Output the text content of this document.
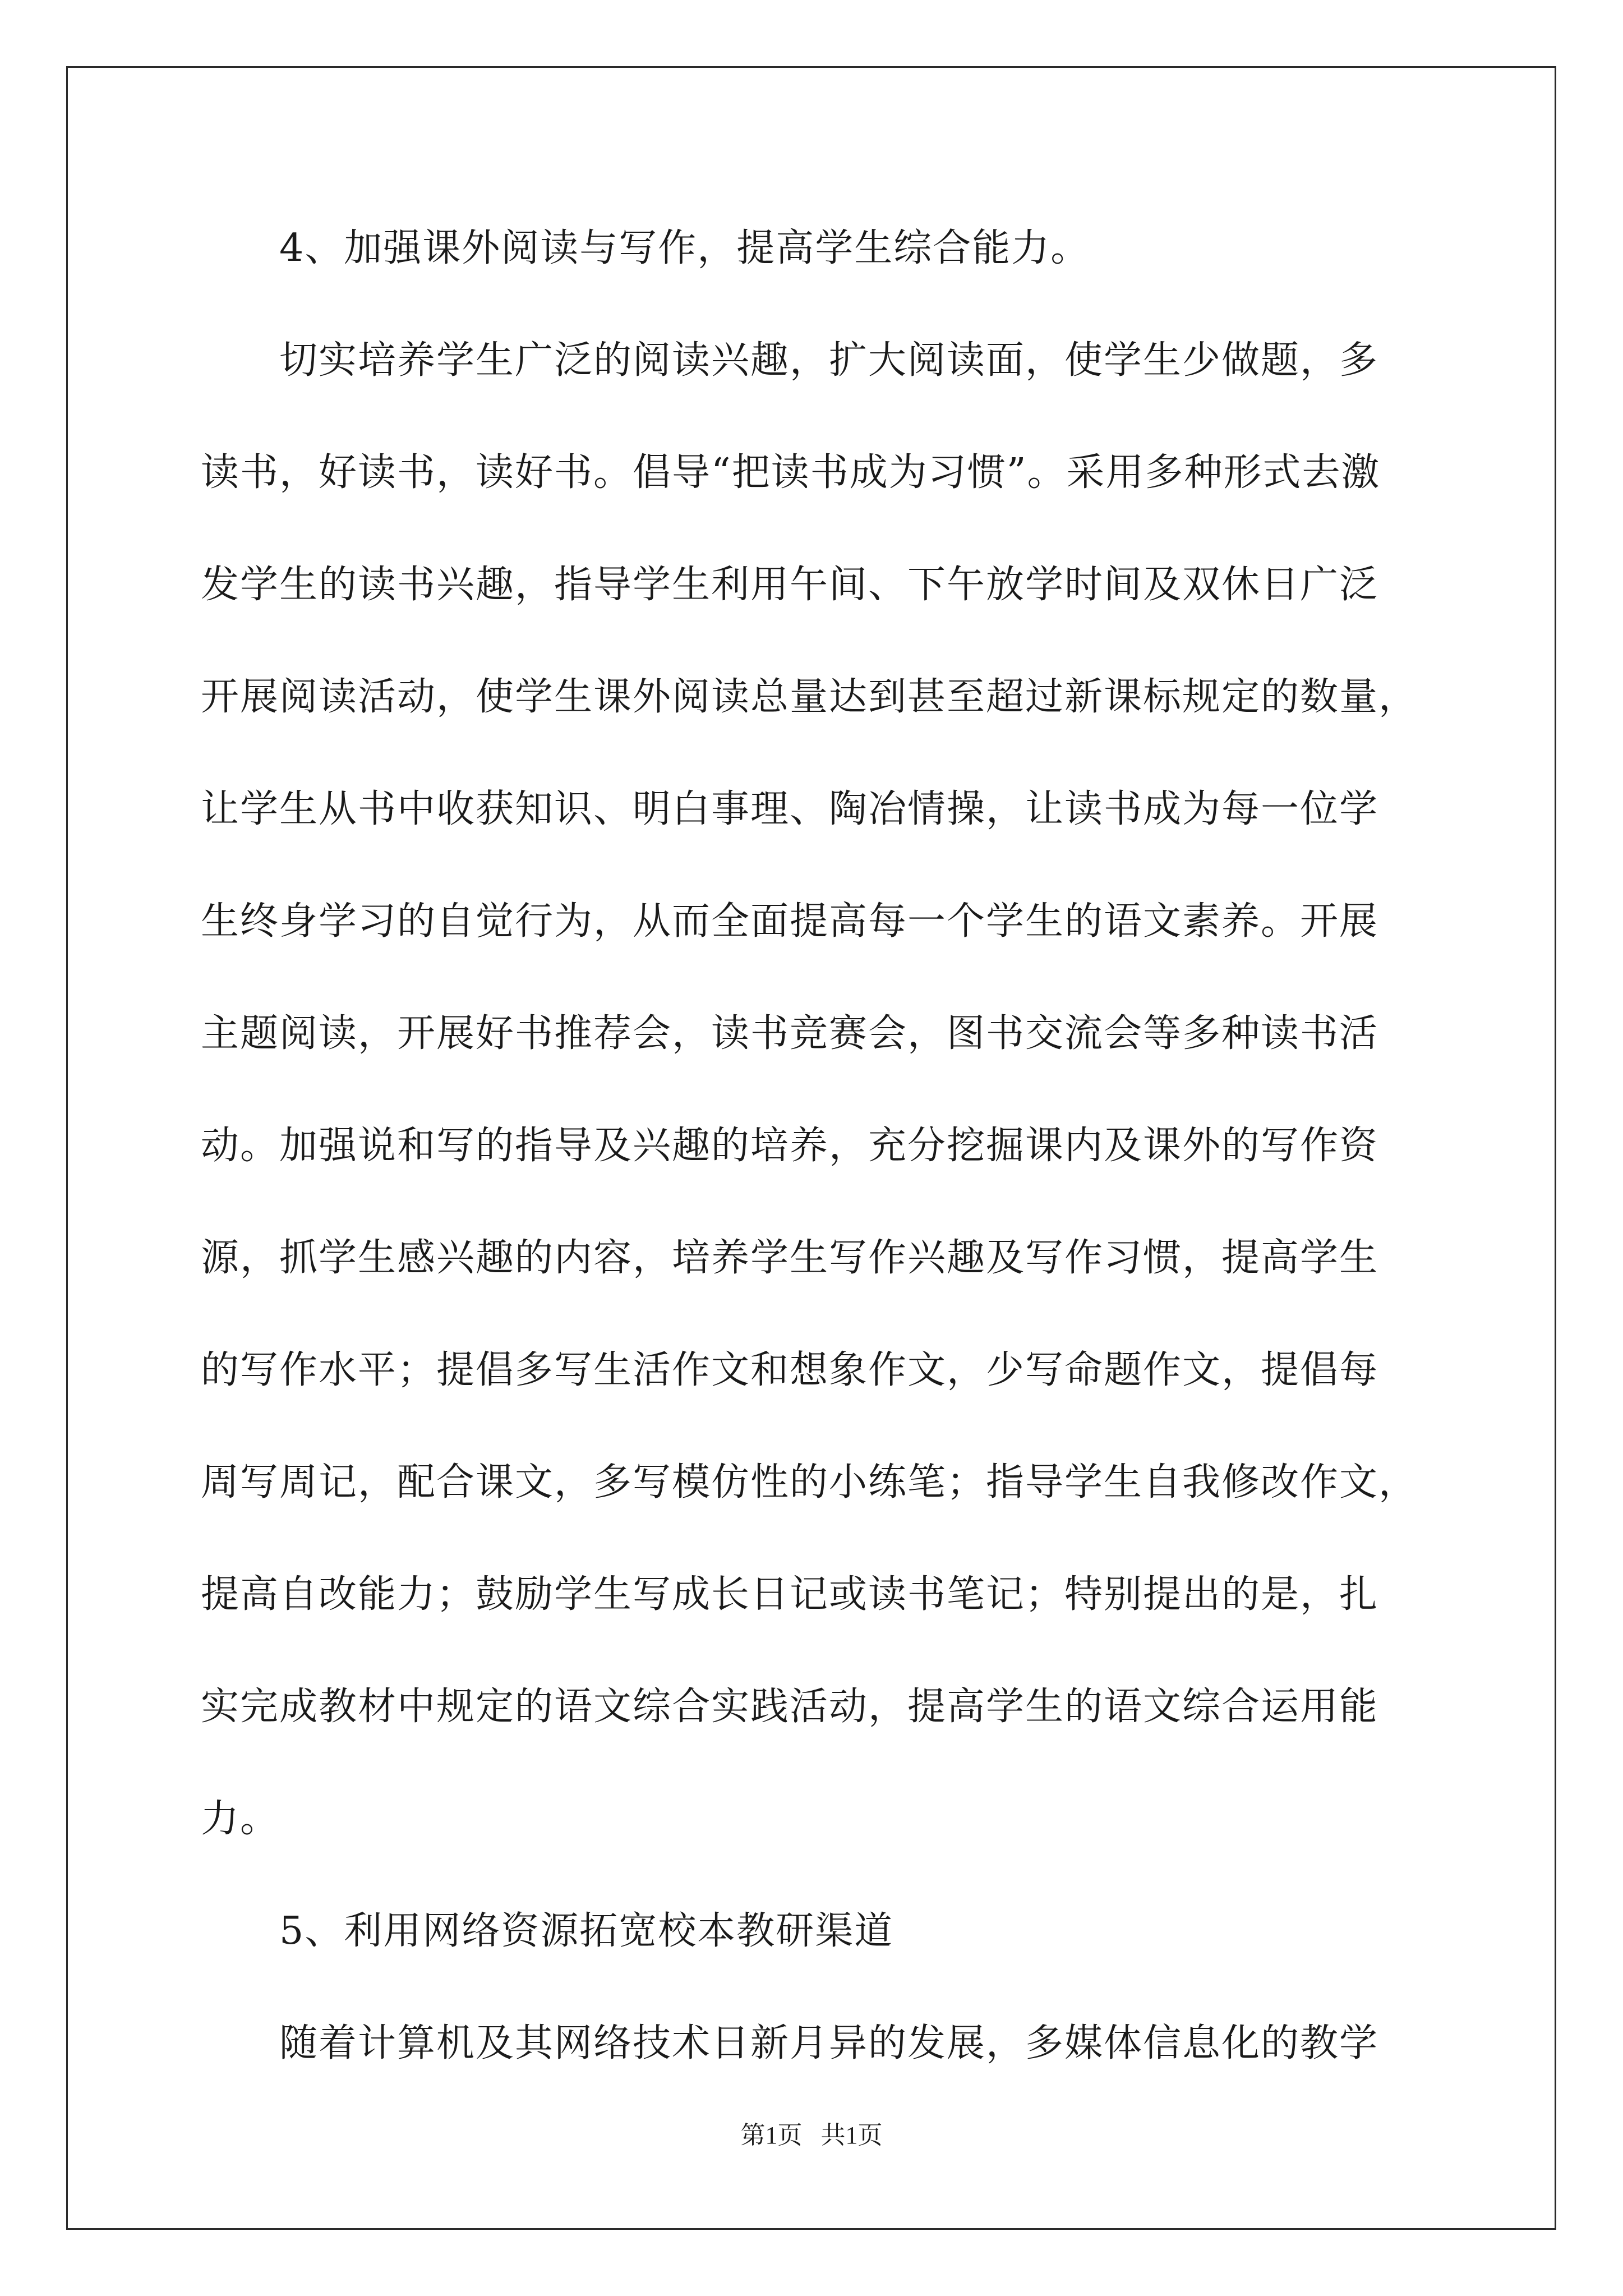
4、加强课外阅读与写作，提高学生综合能力。
切实培养学生广泛的阅读兴趣，扩大阅读面，使学生少做题，多
读书，好读书，读好书。倡导“把读书成为习惯”。采用多种形式去激
发学生的读书兴趣，指导学生利用午间、下午放学时间及双休日广泛
开展阅读活动，使学生课外阅读总量达到甚至超过新课标规定的数量，
让学生从书中收获知识、明白事理、陶冶情操，让读书成为每一位学
生终身学习的自觉行为，从而全面提高每一个学生的语文素养。开展
主题阅读，开展好书推荐会，读书竞赛会，图书交流会等多种读书活
动。加强说和写的指导及兴趣的培养，充分挖掘课内及课外的写作资
源，抓学生感兴趣的内容，培养学生写作兴趣及写作习惯，提高学生
的写作水平；提倡多写生活作文和想象作文，少写命题作文，提倡每
周写周记，配合课文，多写模仿性的小练笔；指导学生自我修改作文，
提高自改能力；鼓励学生写成长日记或读书笔记；特别提出的是，扎
实完成教材中规定的语文综合实践活动，提高学生的语文综合运用能
力。
5、利用网络资源拓宽校本教研渠道
随着计算机及其网络技术日新月异的发展，多媒体信息化的教学
第1页   共1页
